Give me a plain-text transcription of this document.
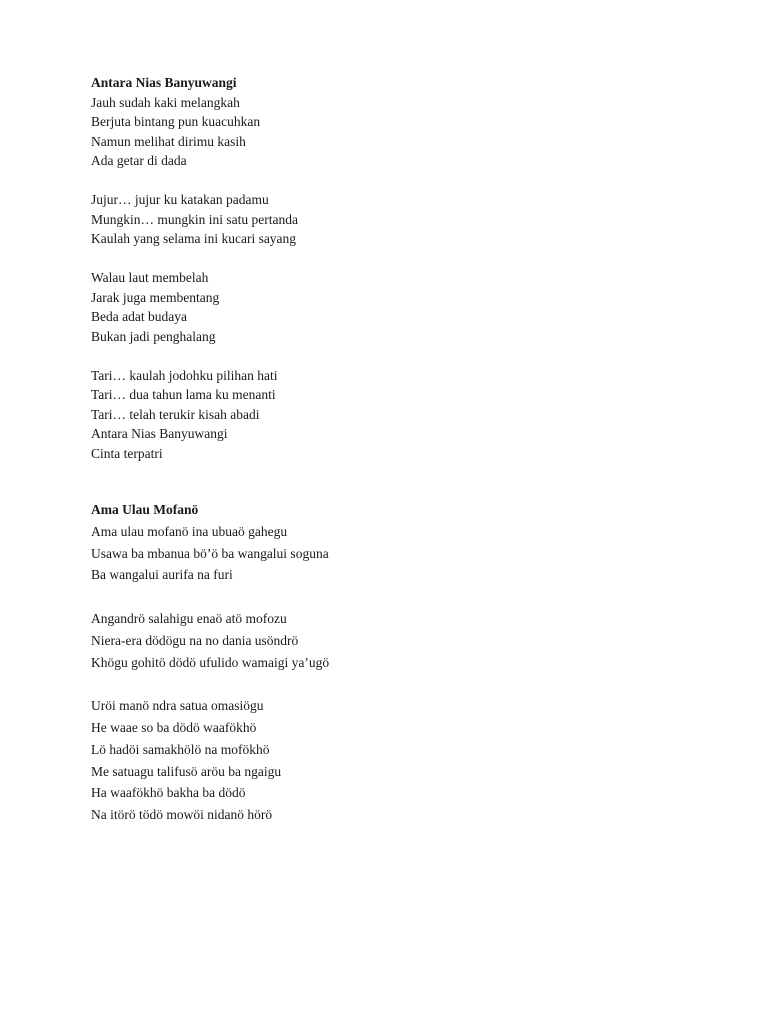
Antara Nias Banyuwangi
Jauh sudah kaki melangkah
Berjuta bintang pun kuacuhkan
Namun melihat dirimu kasih
Ada getar di dada
Jujur… jujur ku katakan padamu
Mungkin… mungkin ini satu pertanda
Kaulah yang selama ini kucari sayang
Walau laut membelah
Jarak juga membentang
Beda adat budaya
Bukan jadi penghalang
Tari… kaulah jodohku pilihan hati
Tari… dua tahun lama ku menanti
Tari… telah terukir kisah abadi
Antara Nias Banyuwangi
Cinta terpatri
Ama Ulau Mofanö
Ama ulau mofanö ina ubuaö gahegu
Usawa ba mbanua bö’ö ba wangalui soguna
Ba wangalui aurifa na furi
Angandrö salahigu enaö atö mofozu
Niera-era dödögu na no dania usöndrö
Khögu gohitö dödö ufulido wamaigi ya’ugö
Uröi manö ndra satua omasiögu
He waae so ba dödö waafökhö
Lö hadöi samakhölö na mofökhö
Me satuagu talifusö aröu ba ngaigu
Ha waafökhö bakha ba dödö
Na itörö tödö mowöi nidanö hörö
